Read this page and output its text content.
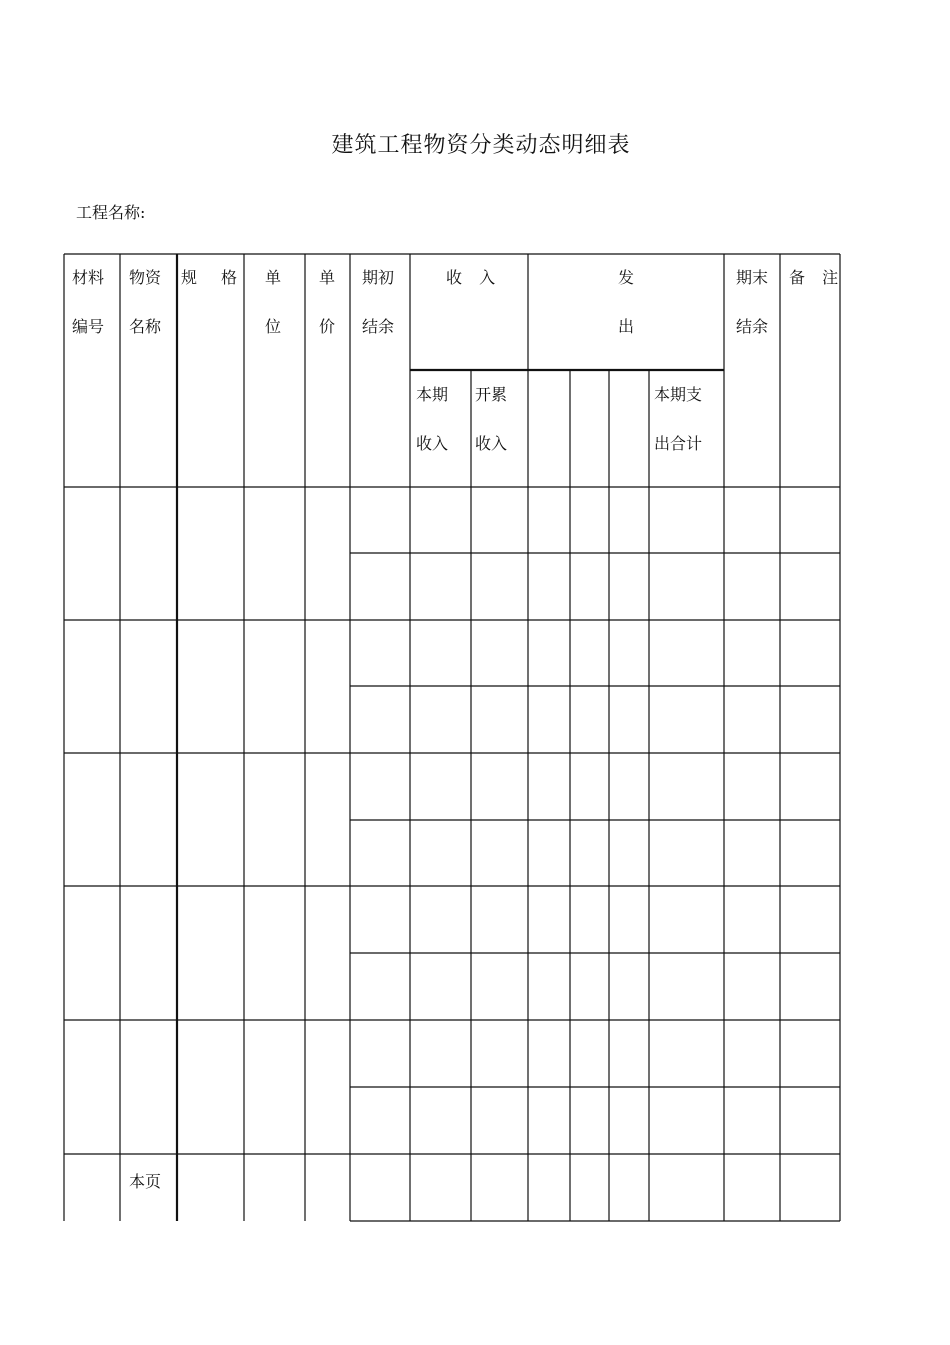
建筑工程物资分类动态明细表
工程名称:
材料
编号
物资
名称
规　格 单
位
单
价
期初
结余
收 入	发
出
期末
结余
备 注
本期
收入
开累
收入
本期支
出合计
本页
